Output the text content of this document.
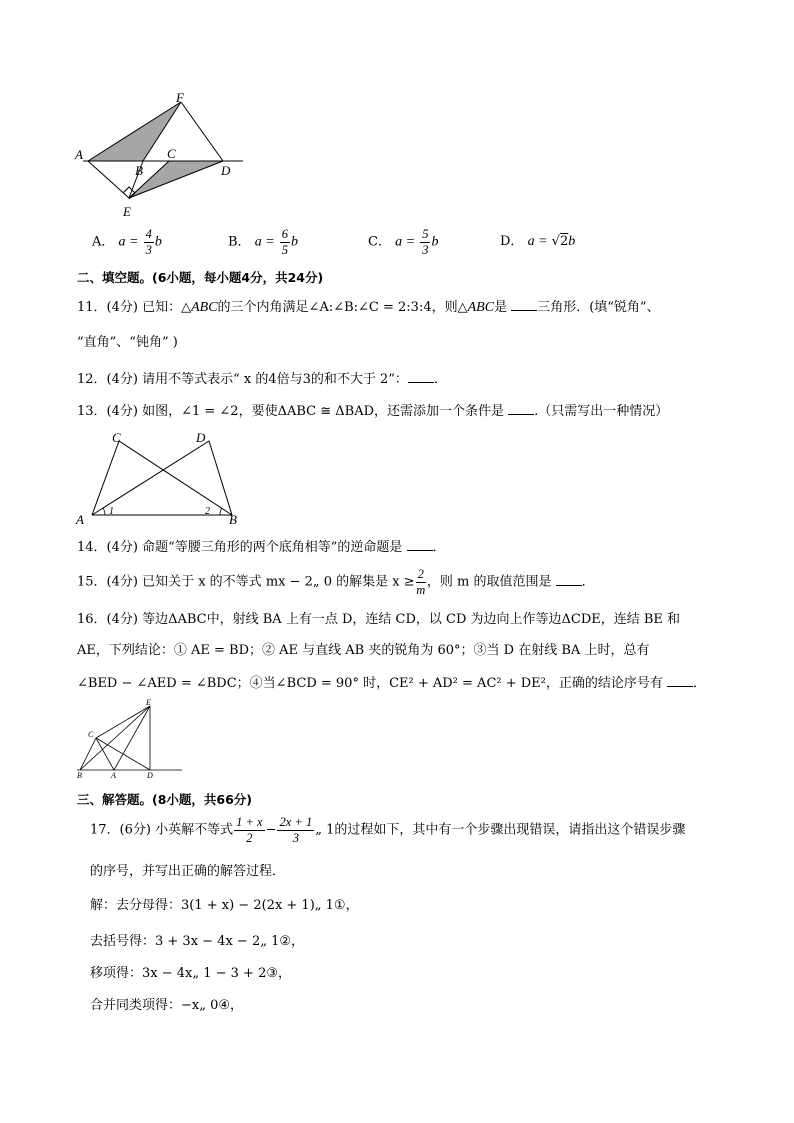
F
A	C
B	D
E
A． $a = \frac{4}{3}$ b	B． $a = \frac{6}{5}$ b	C． $a = \frac{5}{3}$ b	D． a = √2b
二、填空题。(6小题，每小题4分，共24分)
11．(4分) 已知：△ABC的三个内角满足∠A:∠B:∠C = 2:3:4，则△ABC是 三角形．(填“锐角”、
“直角”、“钝角” )
12．(4分) 请用不等式表示“ x 的4倍与3的和不大于 2”： ．
13．(4分) 如图，∠1 = ∠2，要使ΔABC ≅ ΔBAD，还需添加一个条件是 .（只需写出一种情况）
C	D
A	B
1	2
14．(4分) 命题“等腰三角形的两个底角相等”的逆命题是 ．
15．(4分) 已知关于 x 的不等式 mx − 2„ 0 的解集是 $x \ge \frac{2}{m}$ ，则 m 的取值范围是 ．
16．(4分) 等边ΔABC中，射线 BA 上有一点 D，连结 CD，以 CD 为边向上作等边ΔCDE，连结 BE 和
AE，下列结论：① AE = BD；② AE 与直线 AB 夹的锐角为 60°；③当 D 在射线 BA 上时，总有
∠BED − ∠AED = ∠BDC；④当∠BCD = 90° 时，CE² + AD² = AC² + DE²，正确的结论序号有 ．
E
C
B	A	D
三、解答题。(8小题，共66分)
17．(6分) 小英解不等式 $\frac{1 + x}{2} - \frac{2x + 1}{3}$ „ 1的过程如下，其中有一个步骤出现错误，请指出这个错误步骤
的序号，并写出正确的解答过程．
解：去分母得：3(1 + x) − 2(2x + 1)„ 1①，
去括号得：3 + 3x − 4x − 2„ 1②，
移项得：3x − 4x„ 1 − 3 + 2③，
合并同类项得：−x„ 0④，
